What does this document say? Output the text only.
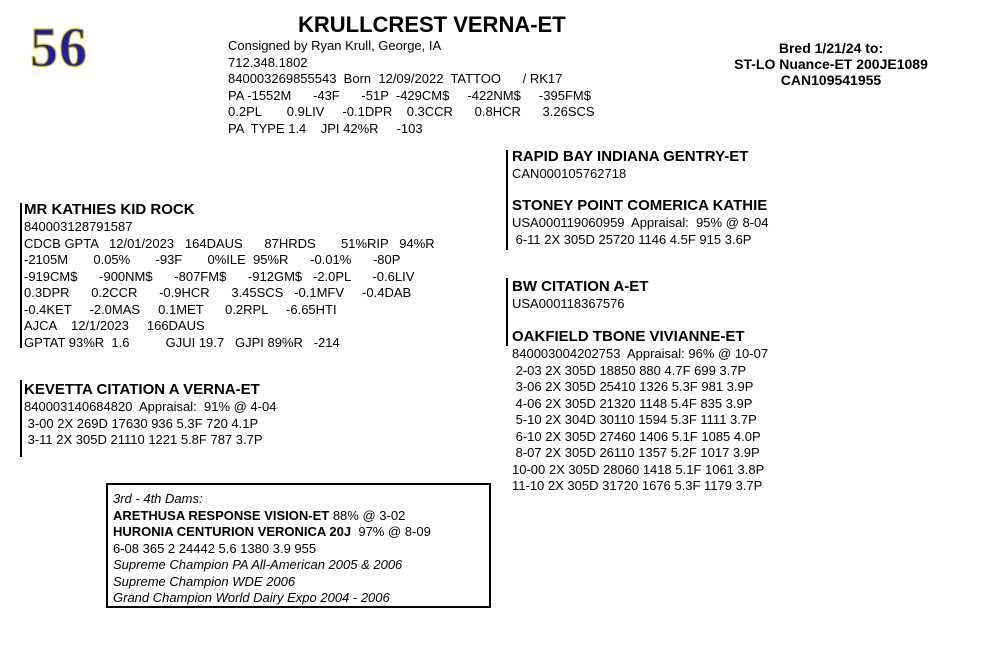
56	KRULLCREST VERNA-ET
Consigned by Ryan Krull, George, IA
712.348.1802
840003269855543  Born  12/09/2022  TATTOO      / RK17
PA -1552M      -43F      -51P  -429CM$     -422NM$     -395FM$
0.2PL       0.9LIV     -0.1DPR    0.3CCR      0.8HCR      3.26SCS
PA  TYPE 1.4    JPI 42%R     -103
Bred 1/21/24 to:
ST-LO Nuance-ET 200JE1089
CAN109541955
MR KATHIES KID ROCK
840003128791587
CDCB GPTA   12/01/2023   164DAUS      87HRDS       51%RIP   94%R
-2105M       0.05%       -93F       0%ILE  95%R      -0.01%      -80P
-919CM$      -900NM$      -807FM$      -912GM$   -2.0PL      -0.6LIV
0.3DPR      0.2CCR      -0.9HCR      3.45SCS   -0.1MFV     -0.4DAB
-0.4KET     -2.0MAS     0.1MET      0.2RPL     -6.65HTI
AJCA    12/1/2023     166DAUS
GPTAT 93%R  1.6          GJUI 19.7   GJPI 89%R   -214
KEVETTA CITATION A VERNA-ET
840003140684820  Appraisal:  91% @ 4-04
3-00 2X 269D 17630 936 5.3F 720 4.1P
3-11 2X 305D 21110 1221 5.8F 787 3.7P
RAPID BAY INDIANA GENTRY-ET
CAN000105762718
STONEY POINT COMERICA KATHIE
USA000119060959  Appraisal:  95% @ 8-04
6-11 2X 305D 25720 1146 4.5F 915 3.6P
BW CITATION A-ET
USA000118367576
OAKFIELD TBONE VIVIANNE-ET
840003004202753  Appraisal: 96% @ 10-07
2-03 2X 305D 18850 880 4.7F 699 3.7P
3-06 2X 305D 25410 1326 5.3F 981 3.9P
4-06 2X 305D 21320 1148 5.4F 835 3.9P
5-10 2X 304D 30110 1594 5.3F 1111 3.7P
6-10 2X 305D 27460 1406 5.1F 1085 4.0P
8-07 2X 305D 26110 1357 5.2F 1017 3.9P
10-00 2X 305D 28060 1418 5.1F 1061 3.8P
11-10 2X 305D 31720 1676 5.3F 1179 3.7P
3rd - 4th Dams:
ARETHUSA RESPONSE VISION-ET 88% @ 3-02
HURONIA CENTURION VERONICA 20J  97% @ 8-09
6-08 365 2 24442 5.6 1380 3.9 955
Supreme Champion PA All-American 2005 & 2006
Supreme Champion WDE 2006
Grand Champion World Dairy Expo 2004 - 2006
